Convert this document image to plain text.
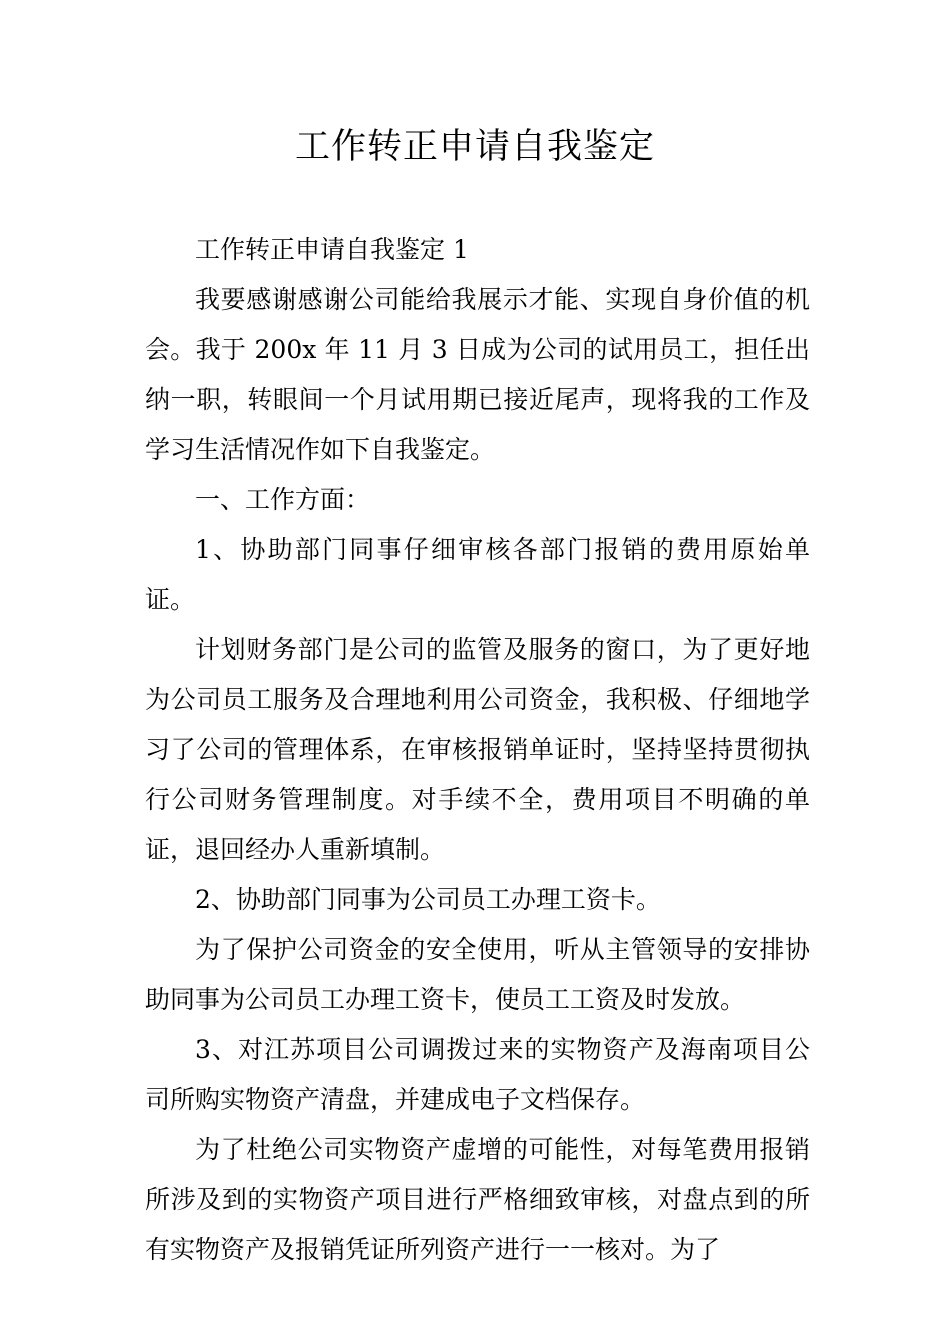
工作转正申请自我鉴定

工作转正申请自我鉴定 1

我要感谢感谢公司能给我展示才能、实现自身价值的机会。我于 200x 年 11 月 3 日成为公司的试用员工，担任出纳一职，转眼间一个月试用期已接近尾声，现将我的工作及学习生活情况作如下自我鉴定。

一、工作方面：

1、协助部门同事仔细审核各部门报销的费用原始单证。

计划财务部门是公司的监管及服务的窗口，为了更好地为公司员工服务及合理地利用公司资金，我积极、仔细地学习了公司的管理体系，在审核报销单证时，坚持坚持贯彻执行公司财务管理制度。对手续不全，费用项目不明确的单证，退回经办人重新填制。

2、协助部门同事为公司员工办理工资卡。

为了保护公司资金的安全使用，听从主管领导的安排协助同事为公司员工办理工资卡，使员工工资及时发放。

3、对江苏项目公司调拨过来的实物资产及海南项目公司所购实物资产清盘，并建成电子文档保存。

为了杜绝公司实物资产虚增的可能性，对每笔费用报销所涉及到的实物资产项目进行严格细致审核，对盘点到的所有实物资产及报销凭证所列资产进行一一核对。为了
